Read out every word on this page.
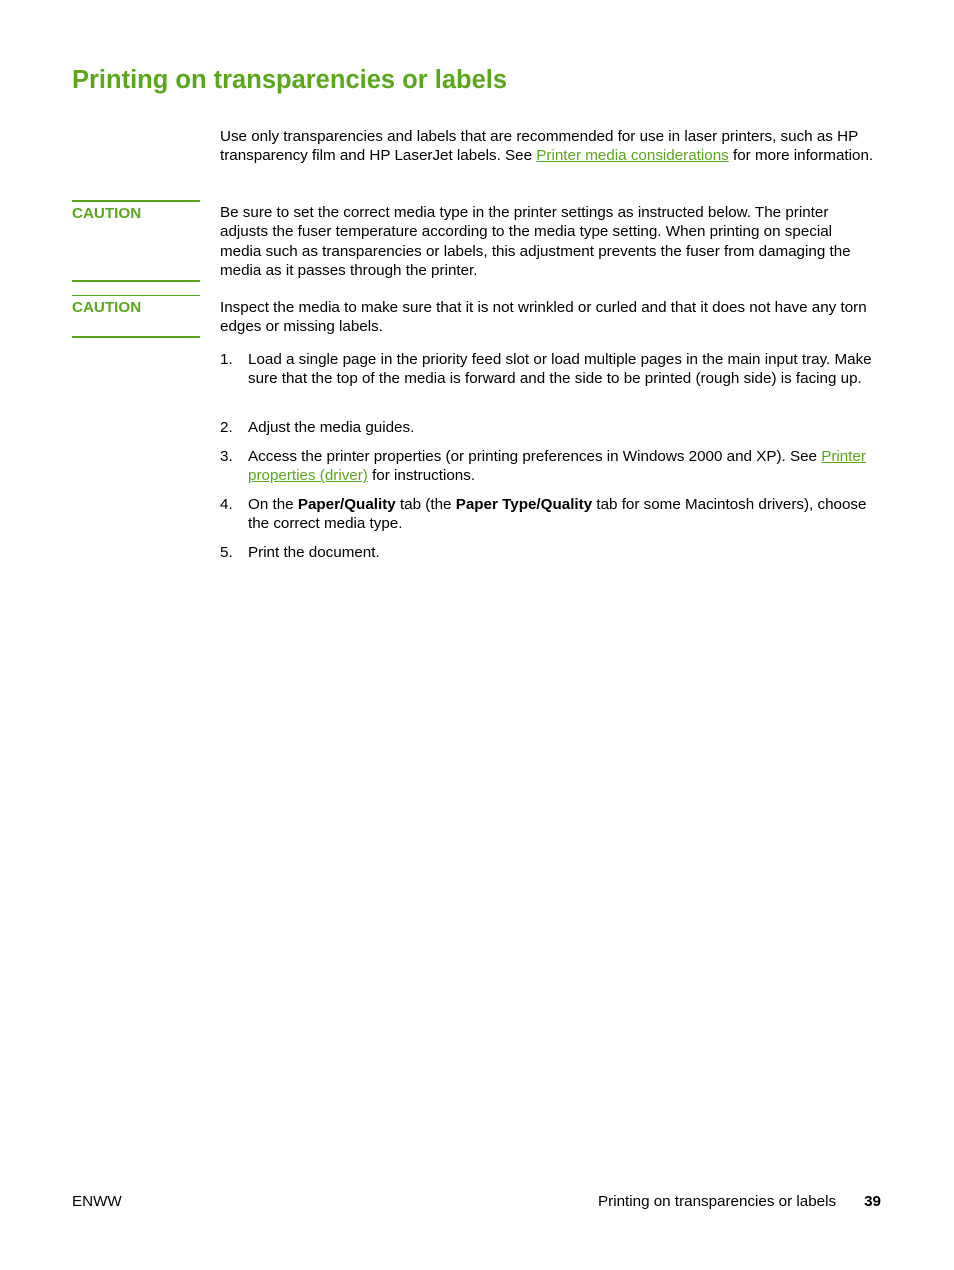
Printing on transparencies or labels

Use only transparencies and labels that are recommended for use in laser printers, such as HP transparency film and HP LaserJet labels. See Printer media considerations for more information.

CAUTION	Be sure to set the correct media type in the printer settings as instructed below. The printer adjusts the fuser temperature according to the media type setting. When printing on special media such as transparencies or labels, this adjustment prevents the fuser from damaging the media as it passes through the printer.

CAUTION	Inspect the media to make sure that it is not wrinkled or curled and that it does not have any torn edges or missing labels.

1.	Load a single page in the priority feed slot or load multiple pages in the main input tray. Make sure that the top of the media is forward and the side to be printed (rough side) is facing up.
2.	Adjust the media guides.
3.	Access the printer properties (or printing preferences in Windows 2000 and XP). See Printer properties (driver) for instructions.
4.	On the Paper/Quality tab (the Paper Type/Quality tab for some Macintosh drivers), choose the correct media type.
5.	Print the document.
ENWW	Printing on transparencies or labels 39
